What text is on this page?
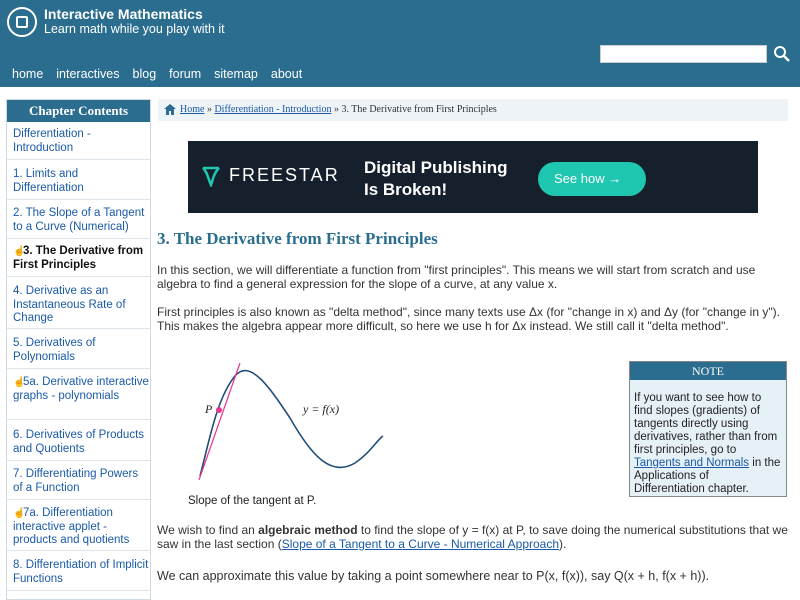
Interactive Mathematics
Learn math while you play with it
home interactives blog forum sitemap about
Chapter Contents
Differentiation - Introduction
1. Limits and Differentiation
2. The Slope of a Tangent to a Curve (Numerical)
☝3. The Derivative from First Principles
4. Derivative as an Instantaneous Rate of Change
5. Derivatives of Polynomials
☝5a. Derivative interactive graphs - polynomials
6. Derivatives of Products and Quotients
7. Differentiating Powers of a Function
☝7a. Differentiation interactive applet - products and quotients
8. Differentiation of Implicit Functions
Home » Differentiation - Introduction » 3. The Derivative from First Principles
FREESTAR Digital Publishing
Is Broken!
See how →
3. The Derivative from First Principles
In this section, we will differentiate a function from "first principles". This means we will start from scratch and use algebra to find a general expression for the slope of a curve, at any value x.
First principles is also known as "delta method", since many texts use Δx (for "change in x) and Δy (for "change in y"). This makes the algebra appear more difficult, so here we use h for Δx instead. We still call it "delta method".
P	y = f(x)
Slope of the tangent at P.
NOTE
If you want to see how to find slopes (gradients) of tangents directly using derivatives, rather than from first principles, go to Tangents and Normals in the Applications of Differentiation chapter.
We wish to find an algebraic method to find the slope of y = f(x) at P, to save doing the numerical substitutions that we saw in the last section (Slope of a Tangent to a Curve - Numerical Approach).
We can approximate this value by taking a point somewhere near to P(x, f(x)), say Q(x + h, f(x + h)).
